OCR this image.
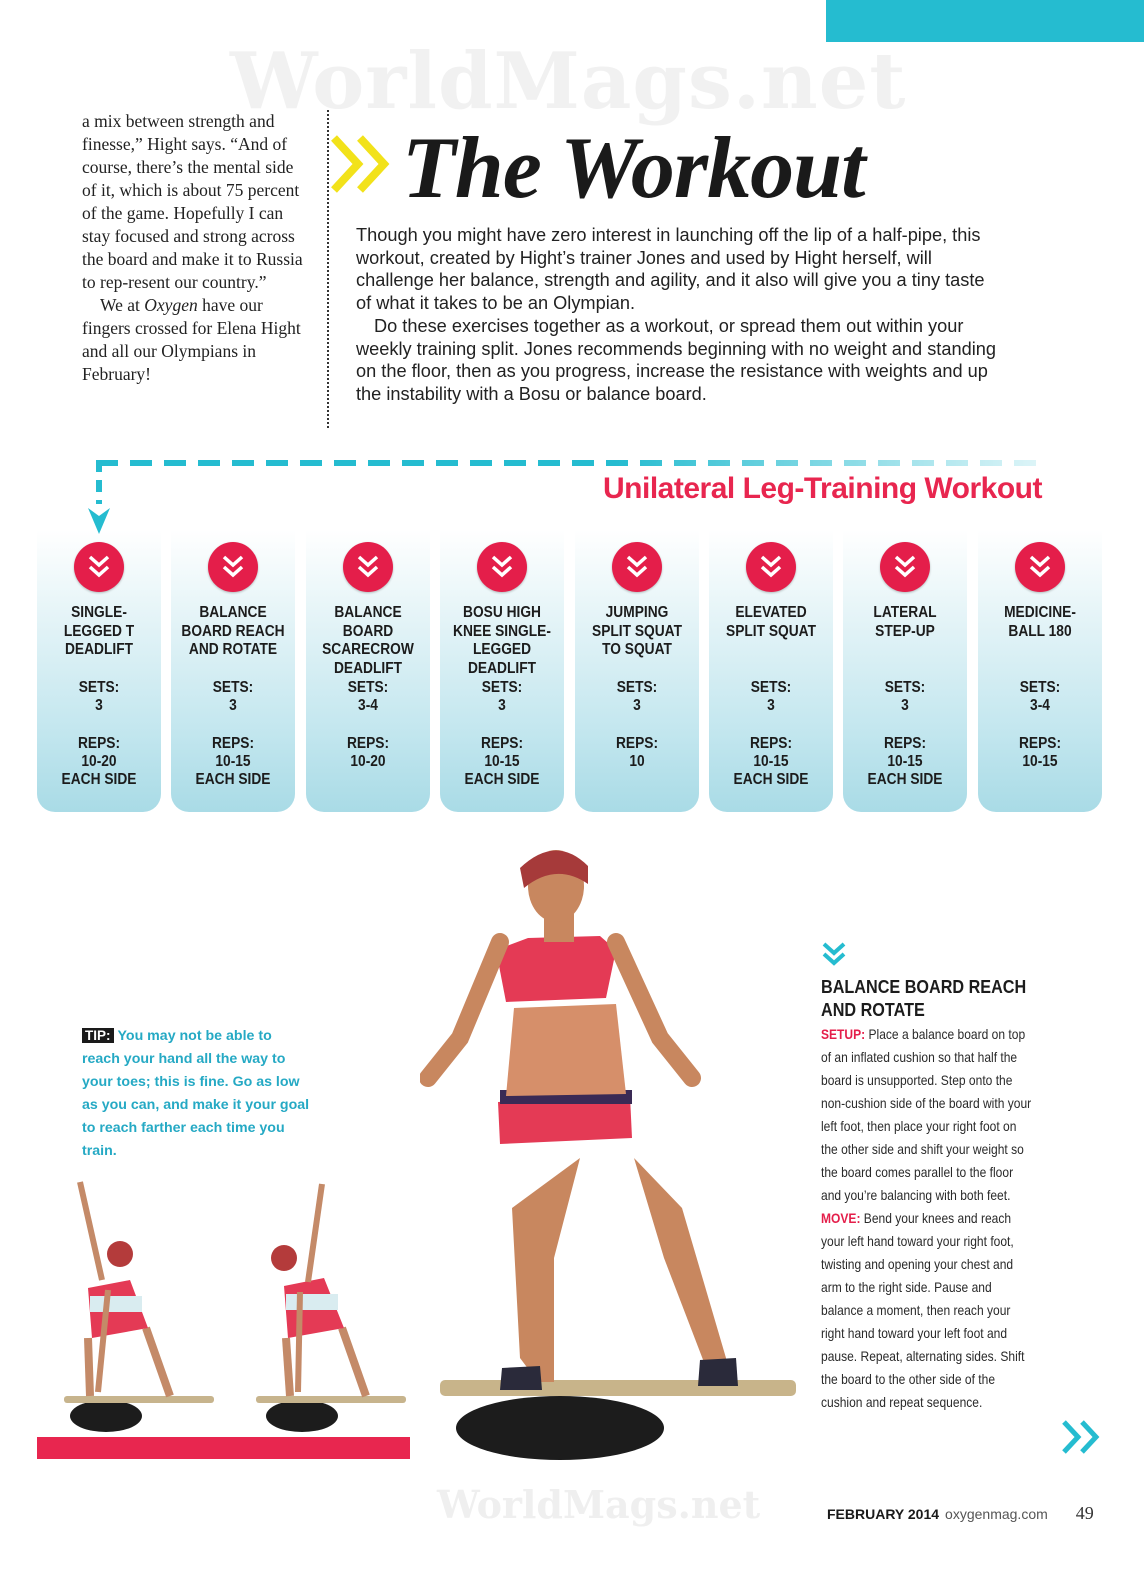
WorldMags.net

a mix between strength and finesse,” Hight says. “And of course, there’s the mental side of it, which is about 75 percent of the game. Hopefully I can stay focused and strong across the board and make it to Russia to rep-resent our country.”

We at Oxygen have our fingers crossed for Elena Hight and all our Olympians in February!

The Workout

Though you might have zero interest in launching off the lip of a half-pipe, this workout, created by Hight’s trainer Jones and used by Hight herself, will challenge her balance, strength and agility, and it also will give you a tiny taste of what it takes to be an Olympian.

Do these exercises together as a workout, or spread them out within your weekly training split. Jones recommends beginning with no weight and standing on the floor, then as you progress, increase the resistance with weights and up the instability with a Bosu or balance board.

Unilateral Leg-Training Workout
SINGLE-LEGGED T DEADLIFT
SETS:
3
REPS:
10-20
EACH SIDE
BALANCE BOARD REACH AND ROTATE
SETS:
3
REPS:
10-15
EACH SIDE
BALANCE BOARD SCARECROW DEADLIFT
SETS:
3-4
REPS:
10-20
BOSU HIGH KNEE SINGLE-LEGGED DEADLIFT
SETS:
3
REPS:
10-15
EACH SIDE
JUMPING SPLIT SQUAT TO SQUAT
SETS:
3
REPS:
10
ELEVATED SPLIT SQUAT
SETS:
3
REPS:
10-15
EACH SIDE
LATERAL STEP-UP
SETS:
3
REPS:
10-15
EACH SIDE
MEDICINE-BALL 180
SETS:
3-4
REPS:
10-15
TIP: You may not be able to reach your hand all the way to your toes; this is fine. Go as low as you can, and make it your goal to reach farther each time you train.
BALANCE BOARD REACH AND ROTATE
SETUP: Place a balance board on top of an inflated cushion so that half the board is unsupported. Step onto the non-cushion side of the board with your left foot, then place your right foot on the other side and shift your weight so the board comes parallel to the floor and you’re balancing with both feet.
MOVE: Bend your knees and reach your left hand toward your right foot, twisting and opening your chest and arm to the right side. Pause and balance a moment, then reach your right hand toward your left foot and pause. Repeat, alternating sides. Shift the board to the other side of the cushion and repeat sequence.
WorldMags.net	FEBRUARY 2014 oxygenmag.com 49
